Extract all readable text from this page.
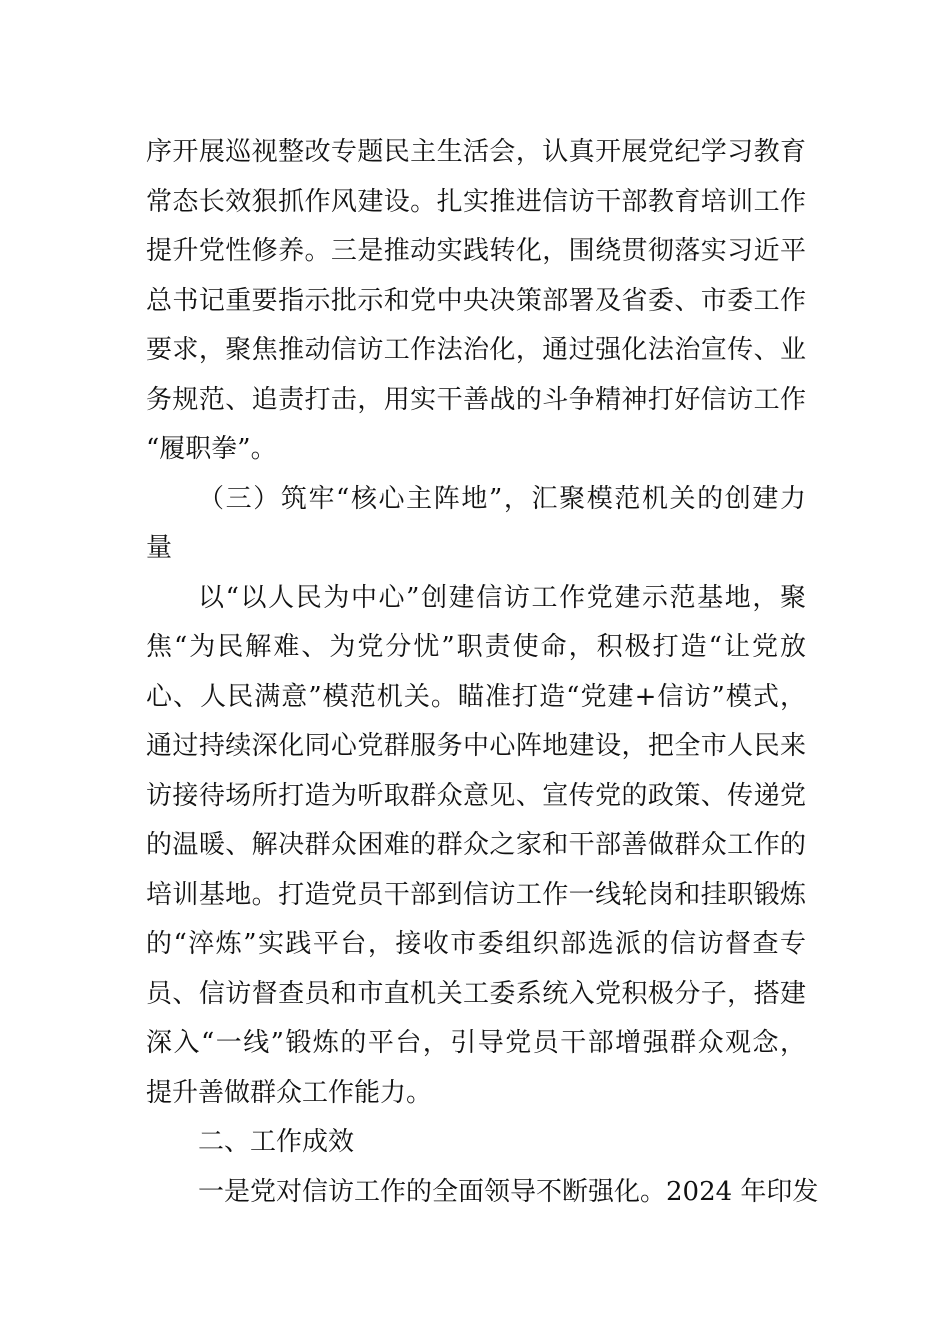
序开展巡视整改专题民主生活会，认真开展党纪学习教育
常态长效狠抓作风建设。扎实推进信访干部教育培训工作
提升党性修养。三是推动实践转化，围绕贯彻落实习近平
总书记重要指示批示和党中央决策部署及省委、市委工作
要求，聚焦推动信访工作法治化，通过强化法治宣传、业
务规范、追责打击，用实干善战的斗争精神打好信访工作
“履职拳”。
（三）筑牢“核心主阵地”，汇聚模范机关的创建力
量
以“以人民为中心”创建信访工作党建示范基地，聚
焦“为民解难、为党分忧”职责使命，积极打造“让党放
心、人民满意”模范机关。瞄准打造“党建+信访”模式，
通过持续深化同心党群服务中心阵地建设，把全市人民来
访接待场所打造为听取群众意见、宣传党的政策、传递党
的温暖、解决群众困难的群众之家和干部善做群众工作的
培训基地。打造党员干部到信访工作一线轮岗和挂职锻炼
的“淬炼”实践平台，接收市委组织部选派的信访督查专
员、信访督查员和市直机关工委系统入党积极分子，搭建
深入“一线”锻炼的平台，引导党员干部增强群众观念，
提升善做群众工作能力。
二、工作成效
一是党对信访工作的全面领导不断强化。2024 年印发
